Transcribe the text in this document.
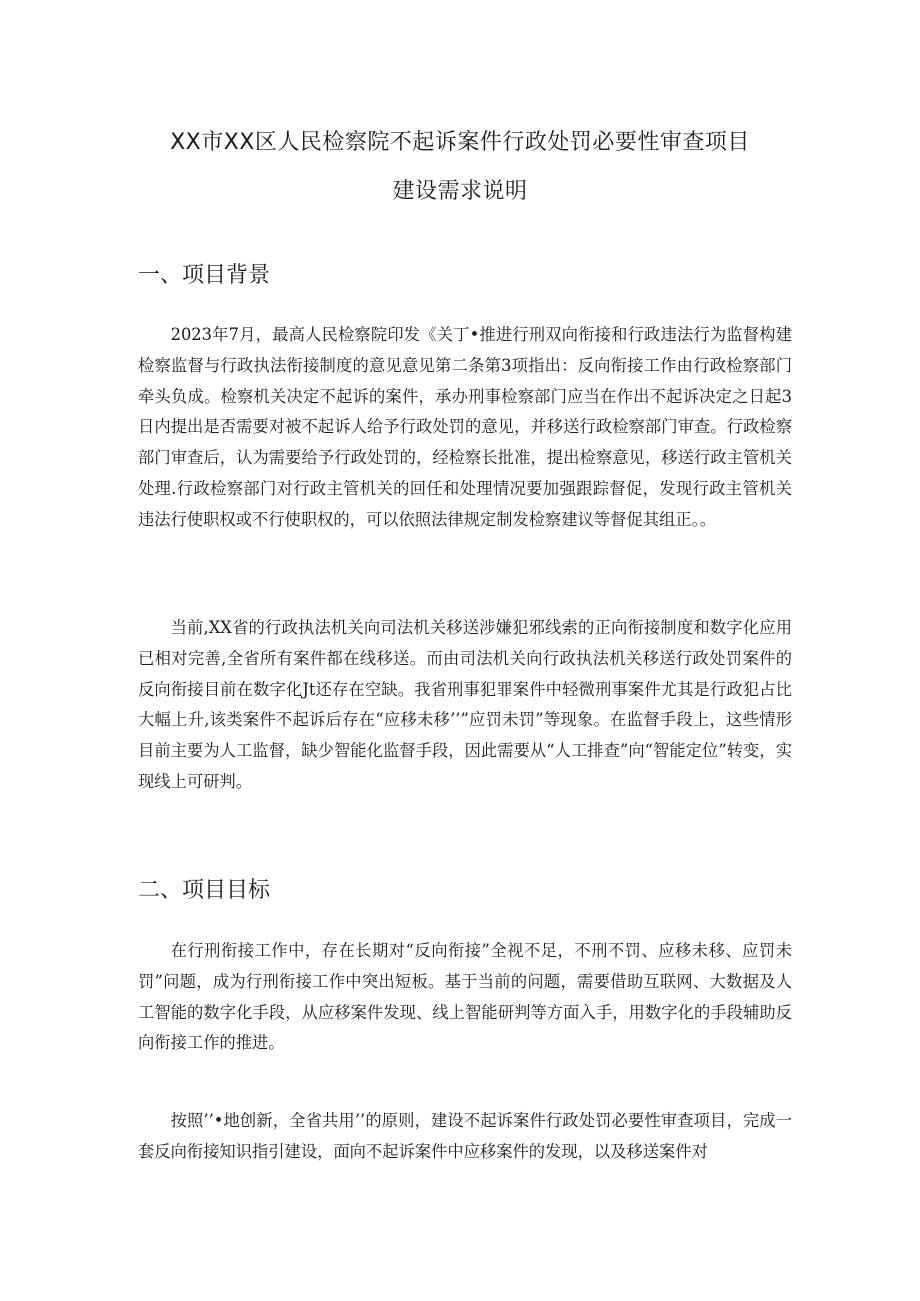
XX市XX区人民检察院不起诉案件行政处罚必要性审查项目
建设需求说明
一、项目背景

2023年7月，最高人民检察院印发《关丁•推进行刑双向衔接和行政违法行为监督构建检察监督与行政执法衔接制度的意见意见第二条第3项指出：反向衔接工作由行政检察部门牵头负成。检察机关决定不起诉的案件，承办刑事检察部门应当在作出不起诉决定之日起3日内提出是否需要对被不起诉人给予行政处罚的意见，并移送行政检察部门审查。行政检察部门审查后，认为需要给予行政处罚的，经检察长批准，提出检察意见，移送行政主管机关处理.行政检察部门对行政主管机关的回任和处理情况要加强跟踪督促，发现行政主管机关违法行使职权或不行使职权的，可以依照法律规定制发检察建议等督促其组正。。

当前,XX省的行政执法机关向司法机关移送涉嫌犯邪线索的正向衔接制度和数字化应用已相对完善,全省所有案件都在线移送。而由司法机关向行政执法机关移送行政处罚案件的反向衔接目前在数字化Jt还存在空缺。我省刑事犯罪案件中轻微刑事案件尤其是行政犯占比大幅上升,该类案件不起诉后存在“应移未移’’”应罚未罚”等现象。在监督手段上，这些情形目前主要为人工监督，缺少智能化监督手段，因此需要从“人工排查”向“智能定位”转变，实现线上可研判。

二、项目目标

在行刑衔接工作中，存在长期对“反向衔接”全视不足，不刑不罚、应移未移、应罚未罚”问题，成为行刑衔接工作中突出短板。基于当前的问题，需要借助互联网、大数据及人工智能的数字化手段，从应移案件发现、线上智能研判等方面入手，用数字化的手段辅助反向衔接工作的推进。

按照’’•地创新，全省共用’’的原则，建设不起诉案件行政处罚必要性审查项目，完成一套反向衔接知识指引建设，面向不起诉案件中应移案件的发现，以及移送案件对
